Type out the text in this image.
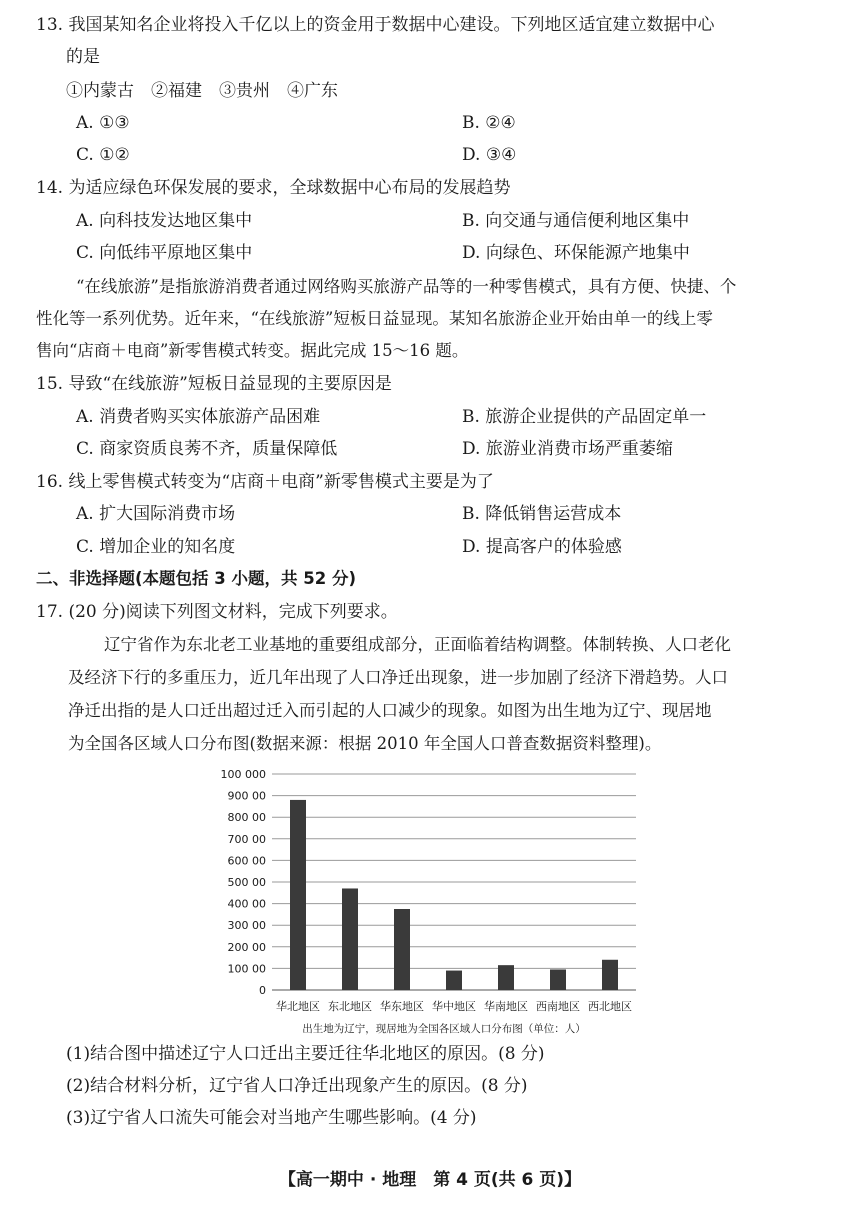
13. 我国某知名企业将投入千亿以上的资金用于数据中心建设。下列地区适宜建立数据中心
的是
①内蒙古　②福建　③贵州　④广东
A. ①③	B. ②④
C. ①②	D. ③④
14. 为适应绿色环保发展的要求，全球数据中心布局的发展趋势
A. 向科技发达地区集中	B. 向交通与通信便利地区集中
C. 向低纬平原地区集中	D. 向绿色、环保能源产地集中
“在线旅游”是指旅游消费者通过网络购买旅游产品等的一种零售模式，具有方便、快捷、个
性化等一系列优势。近年来，“在线旅游”短板日益显现。某知名旅游企业开始由单一的线上零
售向“店商＋电商”新零售模式转变。据此完成 15～16 题。
15. 导致“在线旅游”短板日益显现的主要原因是
A. 消费者购买实体旅游产品困难	B. 旅游企业提供的产品固定单一
C. 商家资质良莠不齐，质量保障低	D. 旅游业消费市场严重萎缩
16. 线上零售模式转变为“店商＋电商”新零售模式主要是为了
A. 扩大国际消费市场	B. 降低销售运营成本
C. 增加企业的知名度	D. 提高客户的体验感
二、非选择题(本题包括 3 小题，共 52 分)
17. (20 分)阅读下列图文材料，完成下列要求。
辽宁省作为东北老工业基地的重要组成部分，正面临着结构调整。体制转换、人口老化
及经济下行的多重压力，近几年出现了人口净迁出现象，进一步加剧了经济下滑趋势。人口
净迁出指的是人口迁出超过迁入而引起的人口减少的现象。如图为出生地为辽宁、现居地
为全国各区域人口分布图(数据来源：根据 2010 年全国人口普查数据资料整理)。
0
100 00
200 00
300 00
400 00
500 00
600 00
700 00
800 00
900 00
100 000
华北地区 东北地区 华东地区 华中地区 华南地区 西南地区 西北地区
出生地为辽宁，现居地为全国各区域人口分布图（单位：人）
(1)结合图中描述辽宁人口迁出主要迁往华北地区的原因。(8 分)
(2)结合材料分析，辽宁省人口净迁出现象产生的原因。(8 分)
(3)辽宁省人口流失可能会对当地产生哪些影响。(4 分)
【高一期中 · 地理　第 4 页(共 6 页)】
